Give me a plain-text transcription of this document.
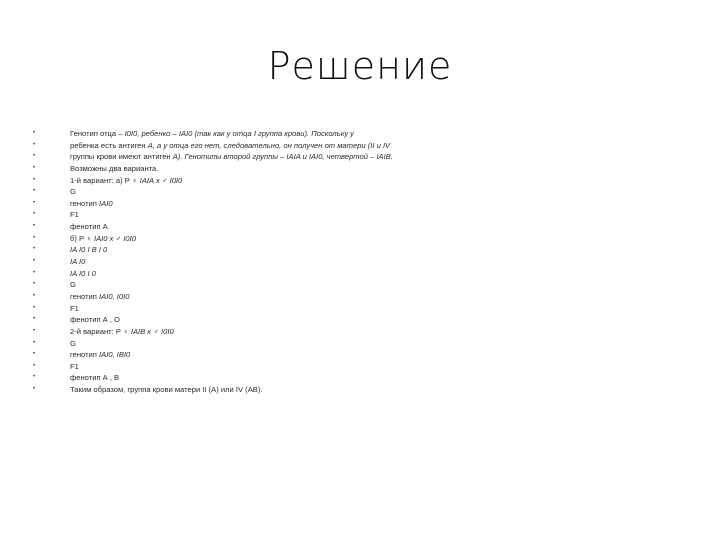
Решение
•	Генотип отца – I0I0, ребенко – IAI0 (так как у отца I группа крови). Поскольку у
•	ребенка есть антиген А, а у отца его нет, следовательно, он получен от матери (II и IV
•	группы крови имеют антиген А). Генотипы второй группы – IAIA и IAI0, четвертой – IAIB.
•	Возможны два варианта.
•	1-й вариант: а) Р ♀ IAIA х ♂ I0I0
•	G
•	генотип IAI0
•	F1
•	фенотип А
•	б) Р ♀ IAI0 х ♂ I0I0
•	IA I0 I B I 0
•	IA I0
•	IA I0 I 0
•	G
•	генотип IAI0, I0I0
•	F1
•	фенотип А , О
•	2-й вариант: Р ♀ IAIB х ♂ I0I0
•	G
•	генотип IAI0, IBI0
•	F1
•	фенотип А , В
•	Таким образом, группа крови матери II (А) или IV (АВ).
